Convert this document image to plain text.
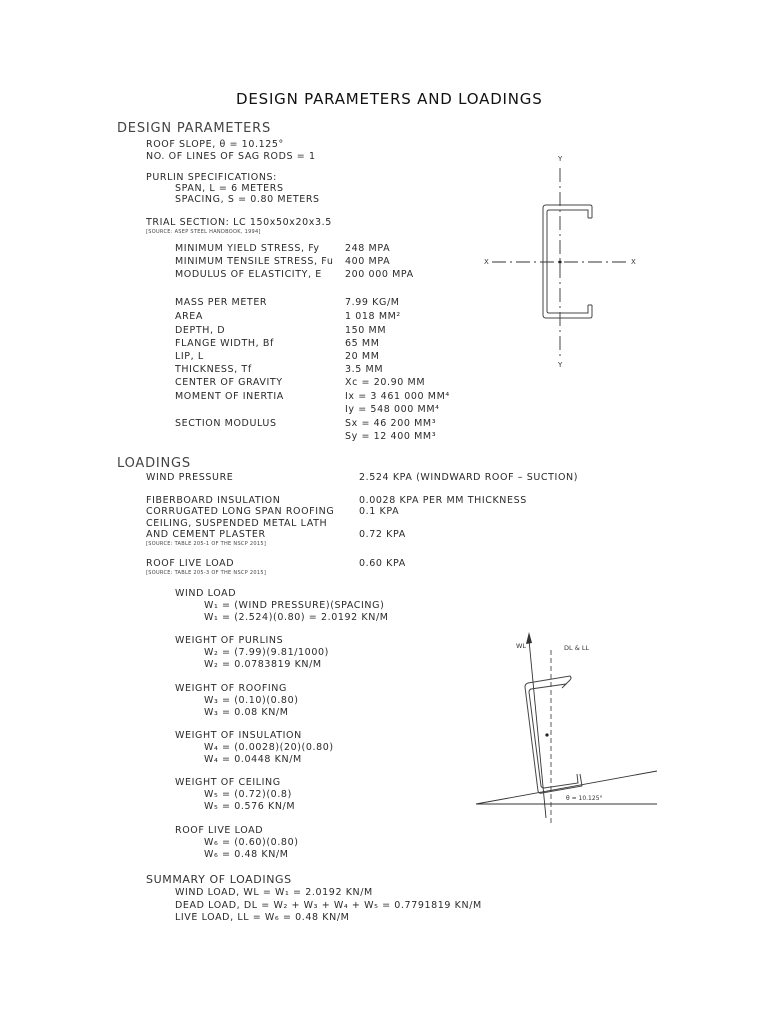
DESIGN PARAMETERS AND LOADINGS
DESIGN PARAMETERS
ROOF SLOPE, θ = 10.125°
NO. OF LINES OF SAG RODS = 1
PURLIN SPECIFICATIONS:
SPAN, L = 6 METERS
SPACING, S = 0.80 METERS
TRIAL SECTION: LC 150x50x20x3.5
[SOURCE: ASEP STEEL HANDBOOK, 1994]
MINIMUM YIELD STRESS, Fy	248 MPA
MINIMUM TENSILE STRESS, Fu 400 MPA
MODULUS OF ELASTICITY, E 200 000 MPA
MASS PER METER	7.99 KG/M
AREA	1 018 MM²
DEPTH, D	150 MM
FLANGE WIDTH, Bf	65 MM
LIP, L	20 MM
THICKNESS, Tf	3.5 MM
CENTER OF GRAVITY	Xc = 20.90 MM
MOMENT OF INERTIA	Ix = 3 461 000 MM⁴
Iy = 548 000 MM⁴
SECTION MODULUS	Sx = 46 200 MM³
Sy = 12 400 MM³
Y
Y
X	X
LOADINGS
WIND PRESSURE	2.524 KPA (WINDWARD ROOF – SUCTION)
FIBERBOARD INSULATION	0.0028 KPA PER MM THICKNESS
CORRUGATED LONG SPAN ROOFING	0.1 KPA
CEILING, SUSPENDED METAL LATH
AND CEMENT PLASTER	0.72 KPA
[SOURCE: TABLE 205-1 OF THE NSCP 2015]
ROOF LIVE LOAD	0.60 KPA
[SOURCE: TABLE 205-3 OF THE NSCP 2015]
WIND LOAD
W₁ = (WIND PRESSURE)(SPACING)
W₁ = (2.524)(0.80) = 2.0192 KN/M
WEIGHT OF PURLINS
W₂ = (7.99)(9.81/1000)
W₂ = 0.0783819 KN/M
WEIGHT OF ROOFING
W₃ = (0.10)(0.80)
W₃ = 0.08 KN/M
WEIGHT OF INSULATION
W₄ = (0.0028)(20)(0.80)
W₄ = 0.0448 KN/M
WEIGHT OF CEILING
W₅ = (0.72)(0.8)
W₅ = 0.576 KN/M
ROOF LIVE LOAD
W₆ = (0.60)(0.80)
W₆ = 0.48 KN/M
WL	DL & LL
θ = 10.125°
SUMMARY OF LOADINGS
WIND LOAD, WL = W₁ = 2.0192 KN/M
DEAD LOAD, DL = W₂ + W₃ + W₄ + W₅ = 0.7791819 KN/M
LIVE LOAD, LL = W₆ = 0.48 KN/M
